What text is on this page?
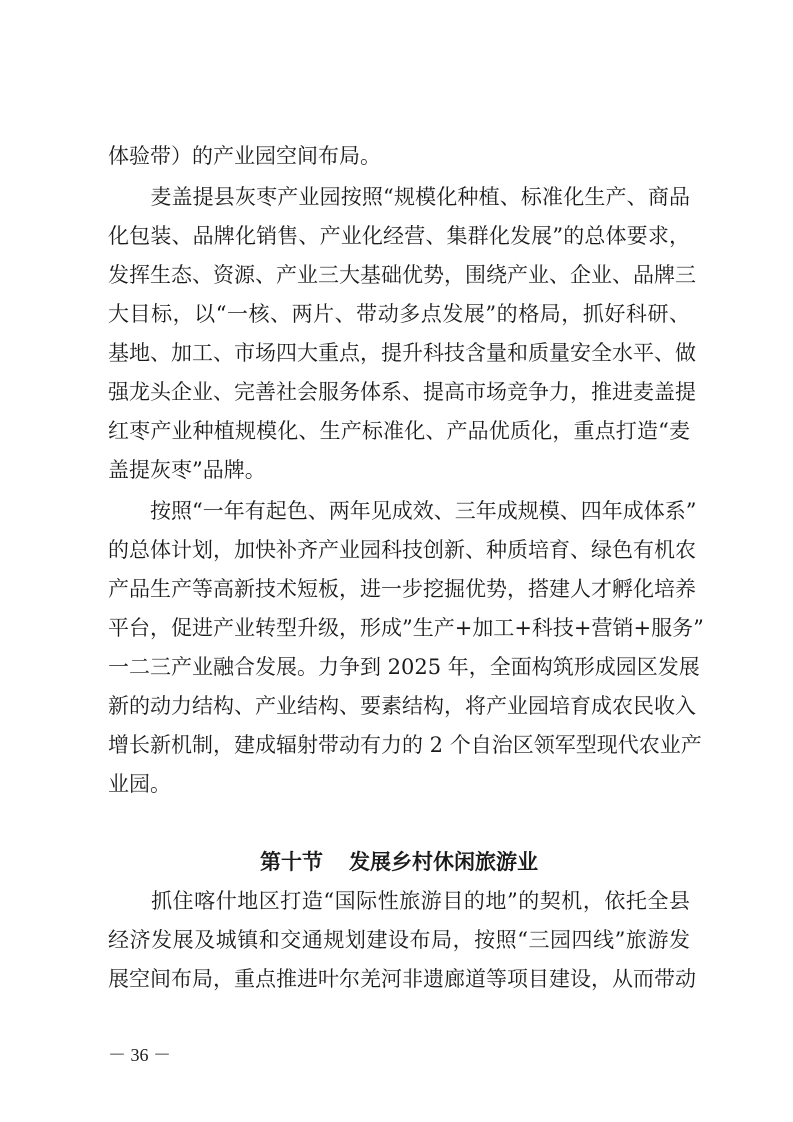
体验带）的产业园空间布局。
　　麦盖提县灰枣产业园按照“规模化种植、标准化生产、商品
化包装、品牌化销售、产业化经营、集群化发展”的总体要求，
发挥生态、资源、产业三大基础优势，围绕产业、企业、品牌三
大目标，以“一核、两片、带动多点发展”的格局，抓好科研、
基地、加工、市场四大重点，提升科技含量和质量安全水平、做
强龙头企业、完善社会服务体系、提高市场竞争力，推进麦盖提
红枣产业种植规模化、生产标准化、产品优质化，重点打造“麦
盖提灰枣”品牌。
　　按照“一年有起色、两年见成效、三年成规模、四年成体系”
的总体计划，加快补齐产业园科技创新、种质培育、绿色有机农
产品生产等高新技术短板，进一步挖掘优势，搭建人才孵化培养
平台，促进产业转型升级，形成”生产+加工+科技+营销+服务”
一二三产业融合发展。力争到 2025 年，全面构筑形成园区发展
新的动力结构、产业结构、要素结构，将产业园培育成农民收入
增长新机制，建成辐射带动有力的 2 个自治区领军型现代农业产
业园。
第十节 发展乡村休闲旅游业
　　抓住喀什地区打造“国际性旅游目的地”的契机，依托全县
经济发展及城镇和交通规划建设布局，按照“三园四线”旅游发
展空间布局，重点推进叶尔羌河非遗廊道等项目建设，从而带动
－ 36 －
